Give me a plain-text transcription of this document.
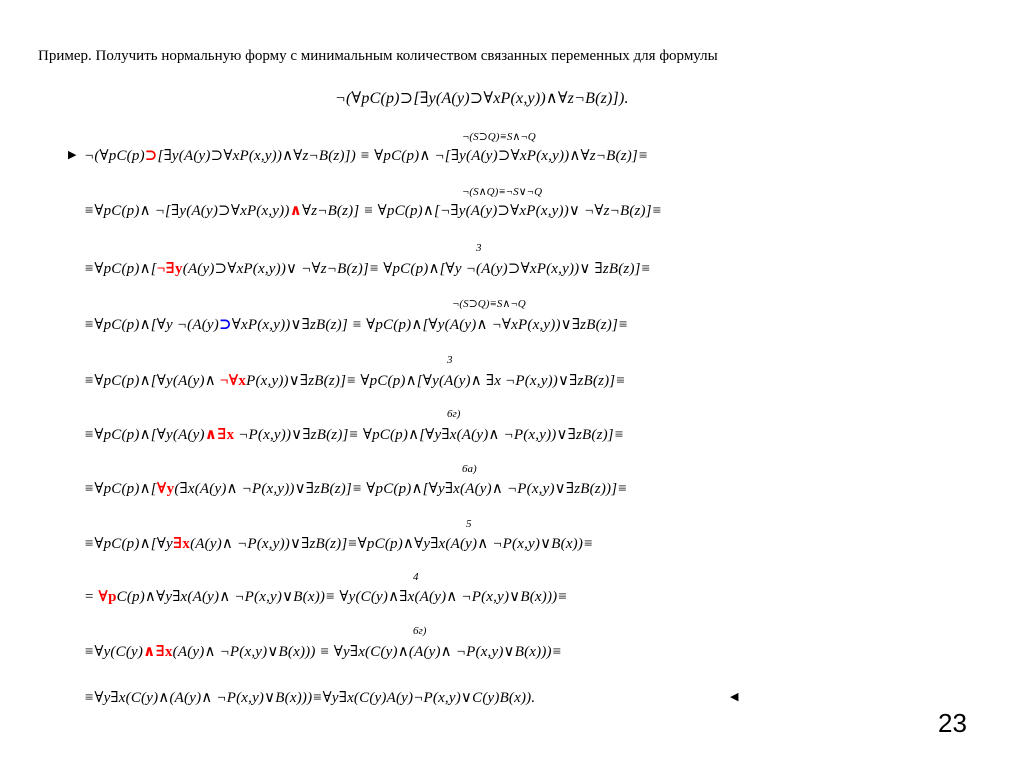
Пример. Получить нормальную форму с минимальным количеством связанных переменных для формулы
¬(∀pC(p)⊃[∃y(A(y)⊃∀xP(x,y))∧∀z¬B(z)]).
▶ ¬(∀pC(p)⊃[∃y(A(y)⊃∀xP(x,y))∧∀z¬B(z)]) ≡ ∀pC(p)∧ ¬[∃y(A(y)⊃∀xP(x,y))∧∀z¬B(z)]≡
¬(S⊃Q)≡S∧¬Q
≡∀pC(p)∧ ¬[∃y(A(y)⊃∀xP(x,y))∧∀z¬B(z)] ≡ ∀pC(p)∧[¬∃y(A(y)⊃∀xP(x,y))∨ ¬∀z¬B(z)]≡
¬(S∧Q)≡¬S∨¬Q
≡∀pC(p)∧[¬∃y(A(y)⊃∀xP(x,y))∨ ¬∀z¬B(z)]≡ ∀pC(p)∧[∀y ¬(A(y)⊃∀xP(x,y))∨ ∃zB(z)]≡
3
≡∀pC(p)∧[∀y ¬(A(y)⊃∀xP(x,y))∨∃zB(z)] ≡ ∀pC(p)∧[∀y(A(y)∧ ¬∀xP(x,y))∨∃zB(z)]≡
¬(S⊃Q)≡S∧¬Q
≡∀pC(p)∧[∀y(A(y)∧ ¬∀xP(x,y))∨∃zB(z)]≡ ∀pC(p)∧[∀y(A(y)∧ ∃x ¬P(x,y))∨∃zB(z)]≡
3
≡∀pC(p)∧[∀y(A(y)∧∃x ¬P(x,y))∨∃zB(z)]≡ ∀pC(p)∧[∀y∃x(A(y)∧ ¬P(x,y))∨∃zB(z)]≡
6г)
≡∀pC(p)∧[∀y(∃x(A(y)∧ ¬P(x,y))∨∃zB(z)]≡ ∀pC(p)∧[∀y∃x(A(y)∧ ¬P(x,y)∨∃zB(z))]≡
6а)
≡∀pC(p)∧[∀y∃x(A(y)∧ ¬P(x,y))∨∃zB(z)]≡∀pC(p)∧∀y∃x(A(y)∧ ¬P(x,y)∨B(x))≡
5
= ∀pC(p)∧∀y∃x(A(y)∧ ¬P(x,y)∨B(x))≡ ∀y(C(y)∧∃x(A(y)∧ ¬P(x,y)∨B(x)))≡
4
≡∀y(C(y)∧∃x(A(y)∧ ¬P(x,y)∨B(x))) ≡ ∀y∃x(C(y)∧(A(y)∧ ¬P(x,y)∨B(x)))≡
6г)
≡∀y∃x(C(y)∧(A(y)∧ ¬P(x,y)∨B(x)))≡∀y∃x(C(y)A(y)¬P(x,y)∨C(y)B(x)).	◀
23
